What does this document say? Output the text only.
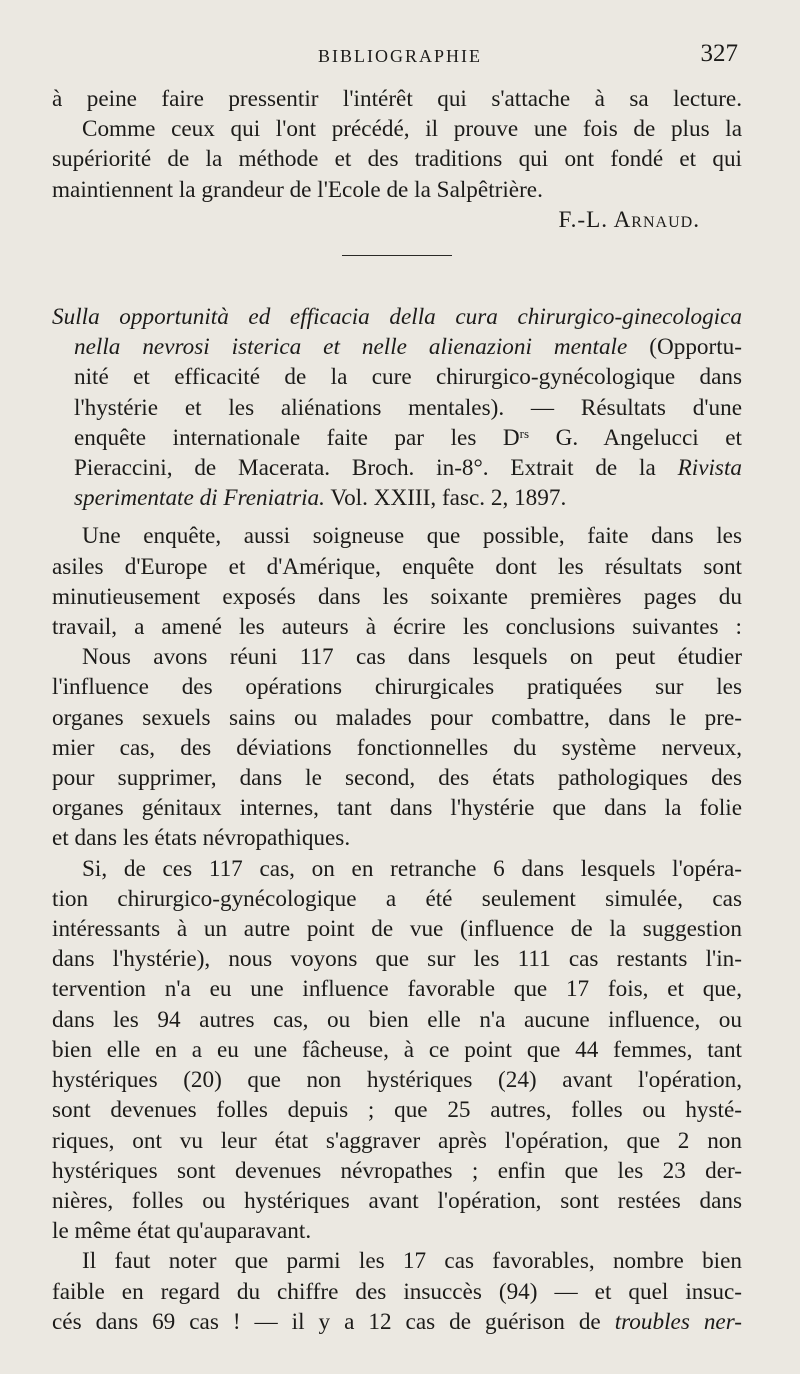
BIBLIOGRAPHIE	327
à peine faire pressentir l'intérêt qui s'attache à sa lecture.
Comme ceux qui l'ont précédé, il prouve une fois de plus la
supériorité de la méthode et des traditions qui ont fondé et qui
maintiennent la grandeur de l'Ecole de la Salpêtrière.
F.-L. Arnaud.
Sulla opportunità ed efficacia della cura chirurgico-ginecologica
nella nevrosi isterica et nelle alienazioni mentale (Opportu-
nité et efficacité de la cure chirurgico-gynécologique dans
l'hystérie et les aliénations mentales). — Résultats d'une
enquête internationale faite par les $D^{rs}$ G. Angelucci et
Pieraccini, de Macerata. Broch. in-8°. Extrait de la Rivista
sperimentate di Freniatria. Vol. XXIII, fasc. 2, 1897.
Une enquête, aussi soigneuse que possible, faite dans les
asiles d'Europe et d'Amérique, enquête dont les résultats sont
minutieusement exposés dans les soixante premières pages du
travail, a amené les auteurs à écrire les conclusions suivantes :
Nous avons réuni 117 cas dans lesquels on peut étudier
l'influence des opérations chirurgicales pratiquées sur les
organes sexuels sains ou malades pour combattre, dans le pre-
mier cas, des déviations fonctionnelles du système nerveux,
pour supprimer, dans le second, des états pathologiques des
organes génitaux internes, tant dans l'hystérie que dans la folie
et dans les états névropathiques.
Si, de ces 117 cas, on en retranche 6 dans lesquels l'opéra-
tion chirurgico-gynécologique a été seulement simulée, cas
intéressants à un autre point de vue (influence de la suggestion
dans l'hystérie), nous voyons que sur les 111 cas restants l'in-
tervention n'a eu une influence favorable que 17 fois, et que,
dans les 94 autres cas, ou bien elle n'a aucune influence, ou
bien elle en a eu une fâcheuse, à ce point que 44 femmes, tant
hystériques (20) que non hystériques (24) avant l'opération,
sont devenues folles depuis ; que 25 autres, folles ou hysté-
riques, ont vu leur état s'aggraver après l'opération, que 2 non
hystériques sont devenues névropathes ; enfin que les 23 der-
nières, folles ou hystériques avant l'opération, sont restées dans
le même état qu'auparavant.
Il faut noter que parmi les 17 cas favorables, nombre bien
faible en regard du chiffre des insuccès (94) — et quel insuc-
cés dans 69 cas ! — il y a 12 cas de guérison de troubles ner-
